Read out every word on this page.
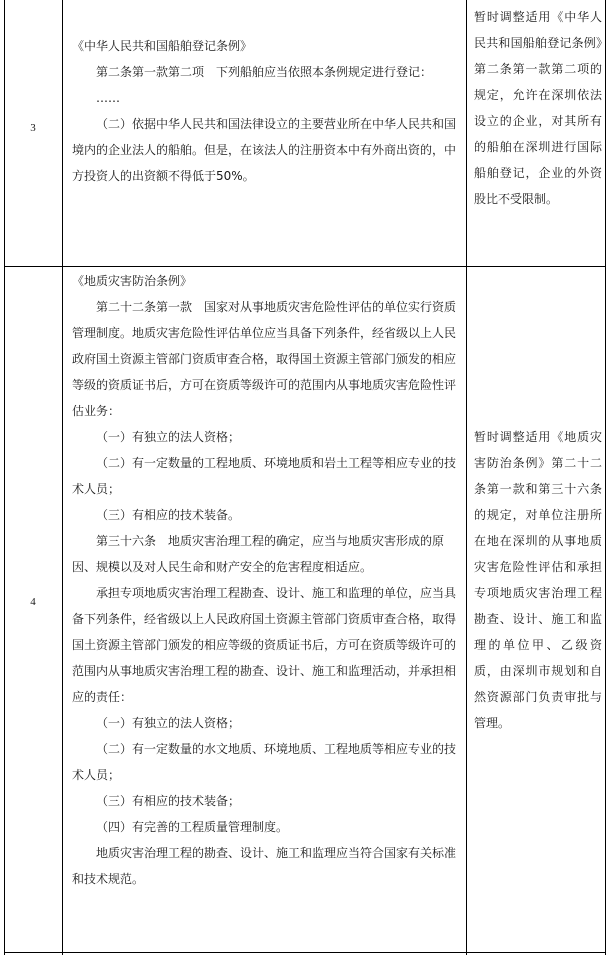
3

《中华人民共和国船舶登记条例》

第二条第一款第二项　下列船舶应当依照本条例规定进行登记：

……

（二）依据中华人民共和国法律设立的主要营业所在中华人民共和国境内的企业法人的船舶。但是，在该法人的注册资本中有外商出资的，中方投资人的出资额不得低于50%。

暂时调整适用《中华人民共和国船舶登记条例》第二条第一款第二项的规定，允许在深圳依法设立的企业，对其所有的船舶在深圳进行国际船舶登记，企业的外资股比不受限制。
4

《地质灾害防治条例》

第二十二条第一款　国家对从事地质灾害危险性评估的单位实行资质管理制度。地质灾害危险性评估单位应当具备下列条件，经省级以上人民政府国土资源主管部门资质审查合格，取得国土资源主管部门颁发的相应等级的资质证书后，方可在资质等级许可的范围内从事地质灾害危险性评估业务：

（一）有独立的法人资格；

（二）有一定数量的工程地质、环境地质和岩土工程等相应专业的技术人员；

（三）有相应的技术装备。

第三十六条　地质灾害治理工程的确定，应当与地质灾害形成的原因、规模以及对人民生命和财产安全的危害程度相适应。

承担专项地质灾害治理工程勘查、设计、施工和监理的单位，应当具备下列条件，经省级以上人民政府国土资源主管部门资质审查合格，取得国土资源主管部门颁发的相应等级的资质证书后，方可在资质等级许可的范围内从事地质灾害治理工程的勘查、设计、施工和监理活动，并承担相应的责任：

（一）有独立的法人资格；

（二）有一定数量的水文地质、环境地质、工程地质等相应专业的技术人员；

（三）有相应的技术装备；

（四）有完善的工程质量管理制度。

地质灾害治理工程的勘查、设计、施工和监理应当符合国家有关标准和技术规范。

暂时调整适用《地质灾害防治条例》第二十二条第一款和第三十六条的规定，对单位注册所在地在深圳的从事地质灾害危险性评估和承担专项地质灾害治理工程勘查、设计、施工和监理的单位甲、乙级资质，由深圳市规划和自然资源部门负责审批与管理。
